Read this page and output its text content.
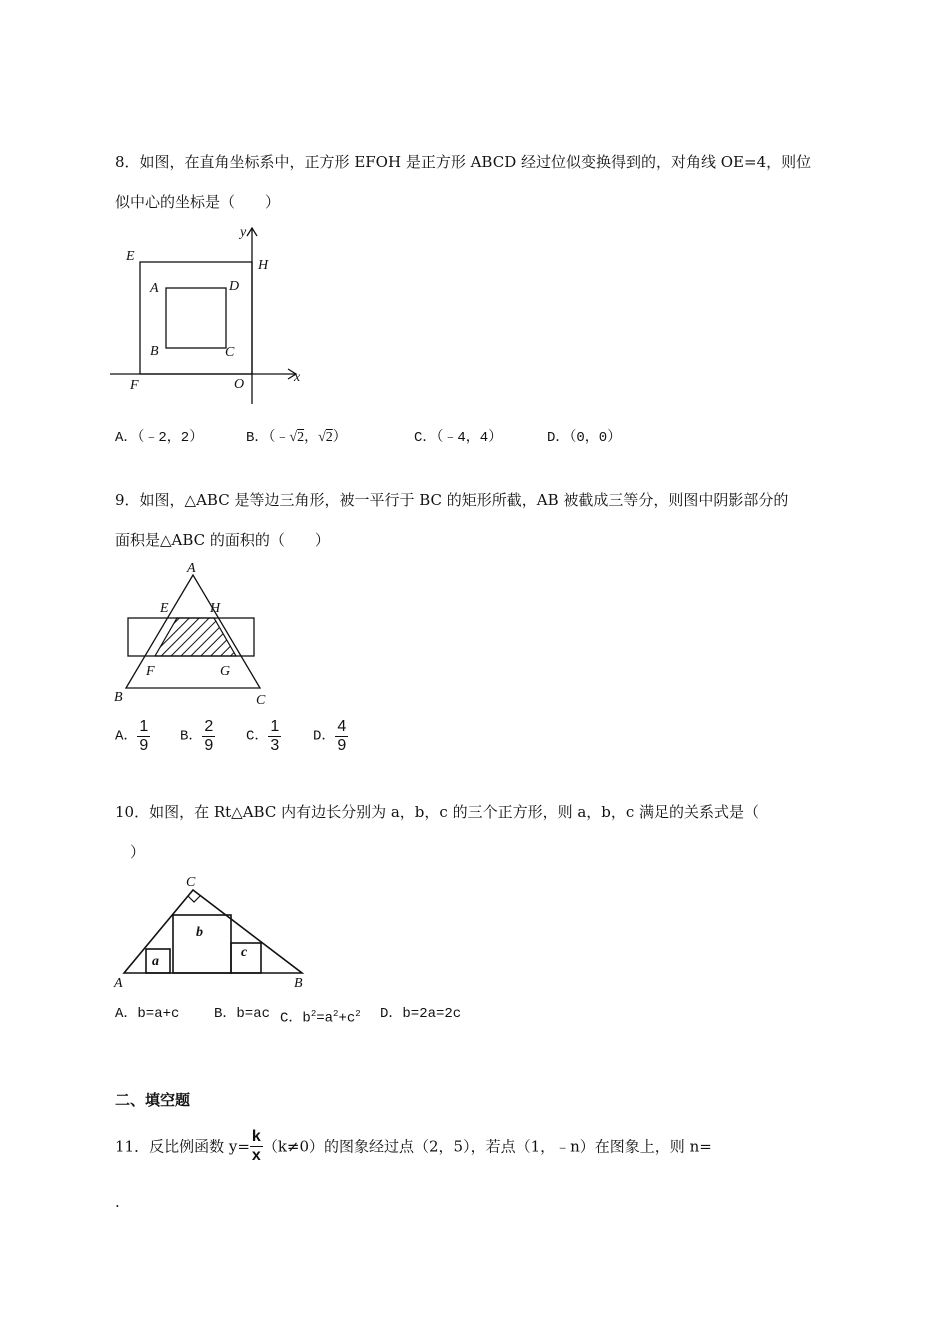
8．如图，在直角坐标系中，正方形 EFOH 是正方形 ABCD 经过位似变换得到的，对角线 OE=4，则位
似中心的坐标是（　　）
y
x
E
H
A	D
B	C
F	O
A．（﹣2，2）	B．（﹣√2，√2）	C．（﹣4，4）	D．（0，0）
9．如图，△ABC 是等边三角形，被一平行于 BC 的矩形所截，AB 被截成三等分，则图中阴影部分的
面积是△ABC 的面积的（　　）
A
E	H
F	G
B	C
A． $\frac{1}{9}$ B． $\frac{2}{9}$ C． $\frac{1}{3}$ D． $\frac{4}{9}$
10．如图，在 Rt△ABC 内有边长分别为 a，b，c 的三个正方形，则 a，b，c 满足的关系式是（
）
C
b
c
a
A	B
A．b=a+c B．b=ac C．$b^2=a^2+c^2$ D．b=2a=2c
二、填空题
11．反比例函数 $y= \frac{k}{x} (k\ne 0)$的图象经过点（2，5），若点（1，﹣n）在图象上，则 n=
.
